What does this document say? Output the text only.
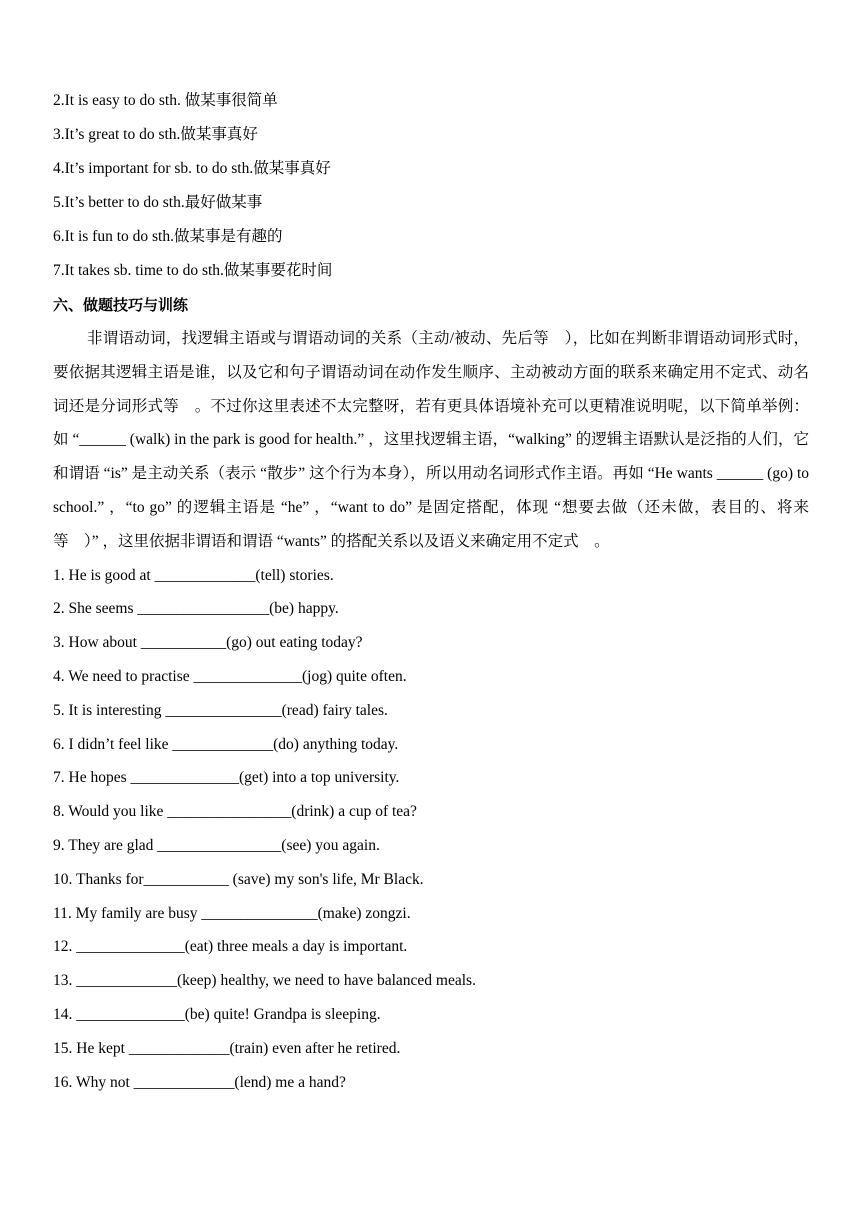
2.It is easy to do sth. 做某事很简单
3.It’s great to do sth.做某事真好
4.It’s important for sb. to do sth.做某事真好
5.It’s better to do sth.最好做某事
6.It is fun to do sth.做某事是有趣的
7.It takes sb. time to do sth.做某事要花时间
六、做题技巧与训练

非谓语动词，找逻辑主语或与谓语动词的关系（主动/被动、先后等　），比如在判断非谓语动词形式时，要依据其逻辑主语是谁，以及它和句子谓语动词在动作发生顺序、主动被动方面的联系来确定用不定式、动名词还是分词形式等　。不过你这里表述不太完整呀，若有更具体语境补充可以更精准说明呢，以下简单举例：如 “______ (walk) in the park is good for health.” ，这里找逻辑主语，“walking” 的逻辑主语默认是泛指的人们，它和谓语 “is” 是主动关系（表示 “散步” 这个行为本身），所以用动名词形式作主语。再如 “He wants ______ (go) to school.” ，“to go” 的逻辑主语是 “he” ，“want to do” 是固定搭配，体现 “想要去做（还未做，表目的、将来等　）” ，这里依据非谓语和谓语 “wants” 的搭配关系以及语义来确定用不定式　。

1. He is good at _____________(tell) stories.
2. She seems _________________(be) happy.
3. How about ___________(go) out eating today?
4. We need to practise ______________(jog) quite often.
5. It is interesting _______________(read) fairy tales.
6. I didn’t feel like _____________(do) anything today.
7. He hopes ______________(get) into a top university.
8. Would you like ________________(drink) a cup of tea?
9. They are glad ________________(see) you again.
10. Thanks for___________ (save) my son's life, Mr Black.
11. My family are busy _______________(make) zongzi.
12. ______________(eat) three meals a day is important.
13. _____________(keep) healthy, we need to have balanced meals.
14. ______________(be) quite! Grandpa is sleeping.
15. He kept _____________(train) even after he retired.
16. Why not _____________(lend) me a hand?
